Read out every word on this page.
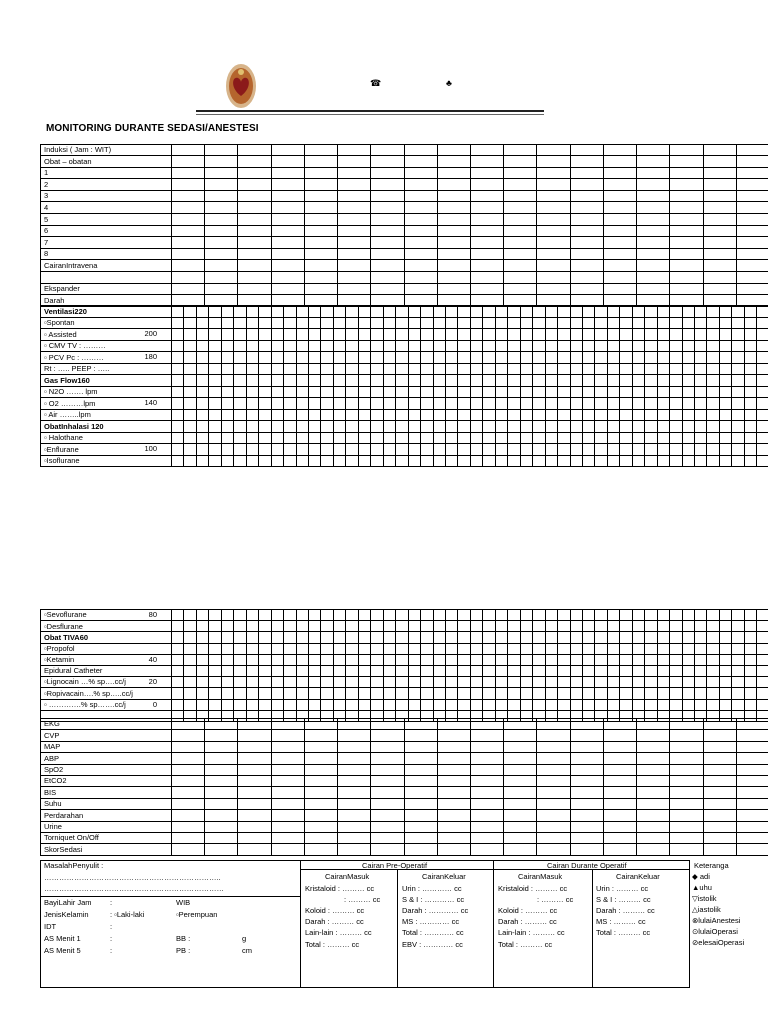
☎	♣
MONITORING DURANTE SEDASI/ANESTESI
Induksi ( Jam : WIT)																		
Obat – obatan																		
1																		
2																		
3																		
4																		
5																		
6																		
7																		
8																		
CairanIntravena																		

Ekspander																		
Darah																		
Ventilasi220

▫Spontan

▫ Assisted 200																																																

▫ CMV TV : ………

▫ PCV Pc : ……… 180																																																

Rt : ….. PEEP : …..

Gas Flow160

▫ N2O ……. lpm

▫ O2 ………lpm 140																																																

▫ Air ……..lpm

ObatInhalasi 120

▫ Halothane

▫Enflurane 100																																																

▫Isoflurane

▫Sevoflurane 80																																																

▫Desflurane

Obat TIVA60

▫Propofol

▫Ketamin 40																																																

Epidural Catheter

▫Lignocain …% sp….cc/j 20																																																

▫Ropivacain….% sp…..cc/j

▫ ………….% sp…….cc/j 0																																																

EKG																		
CVP																		
MAP																		
ABP																		
SpO2																		
EtCO2																		
BIS																		
Suhu																		
Perdarahan																		
Urine																		
Torniquet On/Off																		
SkorSedasi																		
MasalahPenyulit :
……………………………………………………………..
………………………………………………………………
BayiLahir Jam :	WIB
JenisKelamin	: ▫Laki-laki	▫Perempuan
IDT	:
AS Menit 1	:	BB :	g
AS Menit 5	:	PB :	cm
Cairan Pre-Operatif
CairanMasuk	CairanKeluar
Kristaloid : ……… cc
: ……… cc
Koloid : ……… cc
Darah : ……… cc
Lain-lain : ……… cc
Total : ……… cc
Urin : ………… cc
S & I : ………… cc
Darah : ………… cc
MS : ………… cc
Total : ………… cc
EBV : ………… cc
Cairan Durante Operatif
CairanMasuk	CairanKeluar
Kristaloid : ……… cc
: ……… cc
Koloid : ……… cc
Darah : ……… cc
Lain-lain : ……… cc
Total : ……… cc
Urin : ……… cc
S & I : ……… cc
Darah : ……… cc
MS : ……… cc
Total : ……… cc
Keteranga
◆ adi
▲uhu
▽istolik
△iastolik
⊗lulaiAnestesi
⊙lulaiOperasi
⊘elesaiOperasi
